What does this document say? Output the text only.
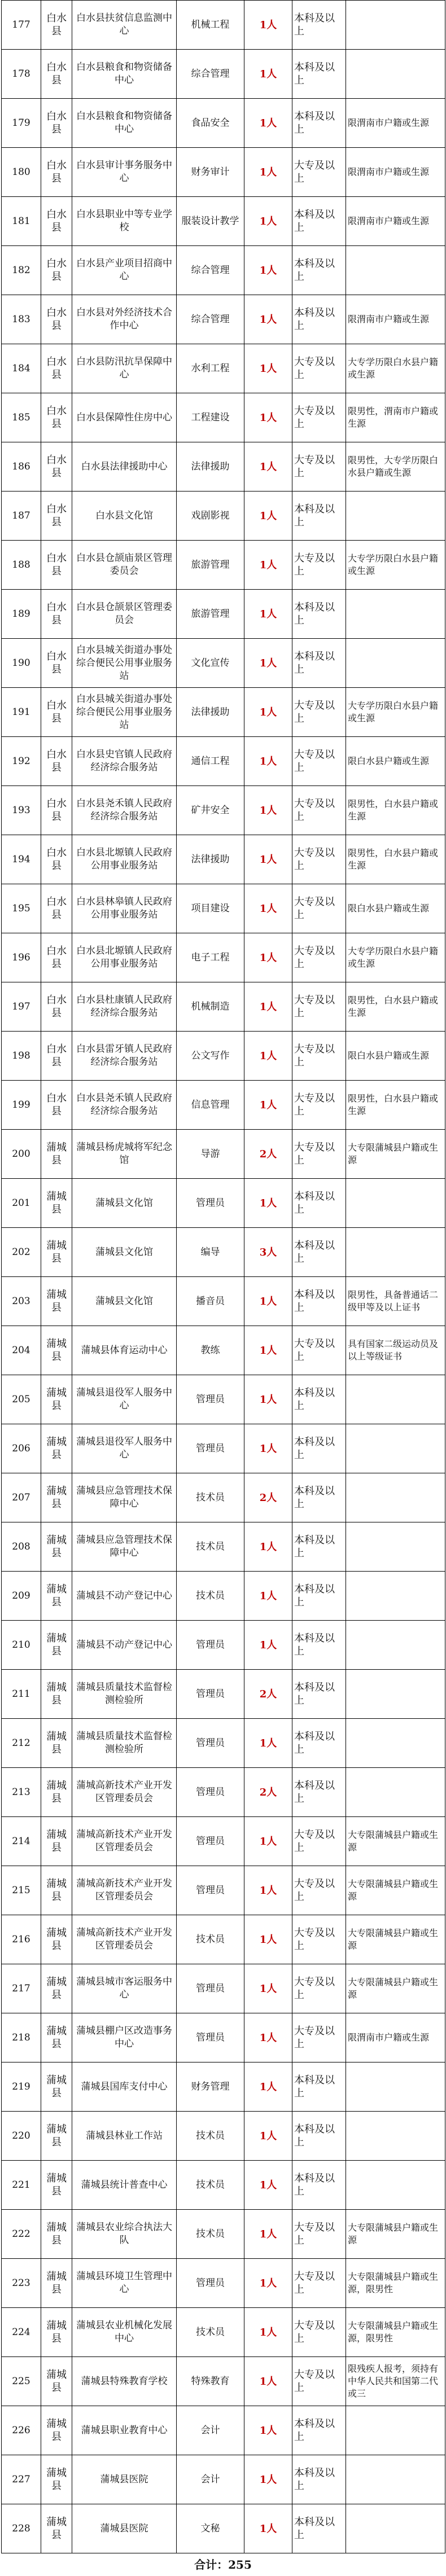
177	白水县	白水县扶贫信息监测中心	机械工程	1人	本科及以上	
178	白水县	白水县粮食和物资储备中心	综合管理	1人	本科及以上	
179	白水县	白水县粮食和物资储备中心	食品安全	1人	本科及以上	限渭南市户籍或生源
180	白水县	白水县审计事务服务中心	财务审计	1人	大专及以上	限渭南市户籍或生源
181	白水县	白水县职业中等专业学校	服装设计教学	1人	本科及以上	限渭南市户籍或生源
182	白水县	白水县产业项目招商中心	综合管理	1人	本科及以上	
183	白水县	白水县对外经济技术合作中心	综合管理	1人	本科及以上	限渭南市户籍或生源
184	白水县	白水县防汛抗旱保障中心	水利工程	1人	大专及以上	大专学历限白水县户籍或生源
185	白水县	白水县保障性住房中心	工程建设	1人	大专及以上	限男性，渭南市户籍或生源
186	白水县	白水县法律援助中心	法律援助	1人	大专及以上	限男性，大专学历限白水县户籍或生源
187	白水县	白水县文化馆	戏剧影视	1人	本科及以上	
188	白水县	白水县仓颉庙景区管理委员会	旅游管理	1人	大专及以上	大专学历限白水县户籍或生源
189	白水县	白水县仓颉景区管理委员会	旅游管理	1人	本科及以上	
190	白水县	白水县城关街道办事处综合便民公用事业服务站	文化宣传	1人	本科及以上	
191	白水县	白水县城关街道办事处综合便民公用事业服务站	法律援助	1人	大专及以上	大专学历限白水县户籍或生源
192	白水县	白水县史官镇人民政府经济综合服务站	通信工程	1人	大专及以上	限白水县户籍或生源
193	白水县	白水县尧禾镇人民政府经济综合服务站	矿井安全	1人	大专及以上	限男性，白水县户籍或生源
194	白水县	白水县北塬镇人民政府公用事业服务站	法律援助	1人	大专及以上	限男性，白水县户籍或生源
195	白水县	白水县林皋镇人民政府公用事业服务站	项目建设	1人	大专及以上	限白水县户籍或生源
196	白水县	白水县北塬镇人民政府公用事业服务站	电子工程	1人	大专及以上	大专学历限白水县户籍或生源
197	白水县	白水县杜康镇人民政府经济综合服务站	机械制造	1人	大专及以上	限男性，白水县户籍或生源
198	白水县	白水县雷牙镇人民政府经济综合服务站	公文写作	1人	大专及以上	限白水县户籍或生源
199	白水县	白水县尧禾镇人民政府经济综合服务站	信息管理	1人	大专及以上	限男性，白水县户籍或生源
200	蒲城县	蒲城县杨虎城将军纪念馆	导游	2人	大专及以上	大专限蒲城县户籍或生源
201	蒲城县	蒲城县文化馆	管理员	1人	本科及以上	
202	蒲城县	蒲城县文化馆	编导	3人	本科及以上	
203	蒲城县	蒲城县文化馆	播音员	1人	本科及以上	限男性，具备普通话二级甲等及以上证书
204	蒲城县	蒲城县体育运动中心	教练	1人	大专及以上	具有国家二级运动员及以上等级证书
205	蒲城县	蒲城县退役军人服务中心	管理员	1人	本科及以上	
206	蒲城县	蒲城县退役军人服务中心	管理员	1人	本科及以上	
207	蒲城县	蒲城县应急管理技术保障中心	技术员	2人	本科及以上	
208	蒲城县	蒲城县应急管理技术保障中心	技术员	1人	本科及以上	
209	蒲城县	蒲城县不动产登记中心	技术员	1人	本科及以上	
210	蒲城县	蒲城县不动产登记中心	管理员	1人	本科及以上	
211	蒲城县	蒲城县质量技术监督检测检验所	管理员	2人	本科及以上	
212	蒲城县	蒲城县质量技术监督检测检验所	管理员	1人	本科及以上	
213	蒲城县	蒲城高新技术产业开发区管理委员会	管理员	2人	本科及以上	
214	蒲城县	蒲城高新技术产业开发区管理委员会	管理员	1人	大专及以上	大专限蒲城县户籍或生源
215	蒲城县	蒲城高新技术产业开发区管理委员会	管理员	1人	大专及以上	大专限蒲城县户籍或生源
216	蒲城县	蒲城高新技术产业开发区管理委员会	技术员	1人	大专及以上	大专限蒲城县户籍或生源
217	蒲城县	蒲城县城市客运服务中心	管理员	1人	大专及以上	大专限蒲城县户籍或生源
218	蒲城县	蒲城县棚户区改造事务中心	管理员	1人	大专及以上	限渭南市户籍或生源
219	蒲城县	蒲城县国库支付中心	财务管理	1人	本科及以上	
220	蒲城县	蒲城县林业工作站	技术员	1人	本科及以上	
221	蒲城县	蒲城县统计普查中心	技术员	1人	本科及以上	
222	蒲城县	蒲城县农业综合执法大队	技术员	1人	大专及以上	大专限蒲城县户籍或生源
223	蒲城县	蒲城县环境卫生管理中心	管理员	1人	大专及以上	大专限蒲城县户籍或生源，限男性
224	蒲城县	蒲城县农业机械化发展中心	技术员	1人	大专及以上	大专限蒲城县户籍或生源，限男性
225	蒲城县	蒲城县特殊教育学校	特殊教育	1人	大专及以上	限残疾人报考，须持有中华人民共和国第二代或三
226	蒲城县	蒲城县职业教育中心	会计	1人	本科及以上	
227	蒲城县	蒲城县医院	会计	1人	本科及以上	
228	蒲城县	蒲城县医院	文秘	1人	本科及以上	
合计：255
